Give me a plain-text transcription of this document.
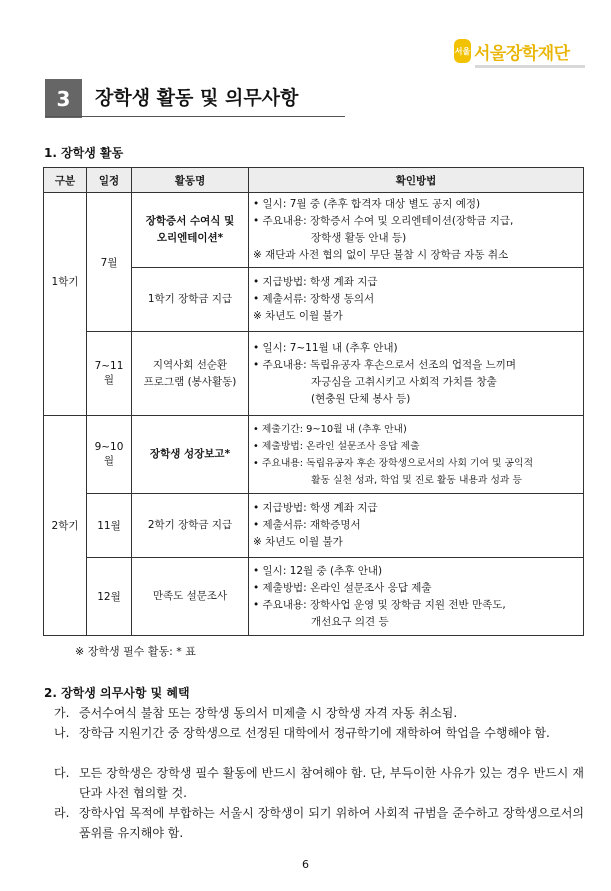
서울 서울장학재단
3	장학생 활동 및 의무사항
1. 장학생 활동
구분	일정	활동명	확인방법
1학기	7월	장학증서 수여식 및
오리엔테이션*	• 일시: 7월 중 (추후 합격자 대상 별도 공지 예정)
• 주요내용: 장학증서 수여 및 오리엔테이션(장학금 지급,
장학생 활동 안내 등)
※ 재단과 사전 협의 없이 무단 불참 시 장학금 자동 취소

		1학기 장학금 지급	• 지급방법: 학생 계좌 지급
• 제출서류: 장학생 동의서
※ 차년도 이월 불가

	7~11월	지역사회 선순환
프로그램 (봉사활동)	• 일시: 7~11월 내 (추후 안내)
• 주요내용: 독립유공자 후손으로서 선조의 업적을 느끼며
자긍심을 고취시키고 사회적 가치를 창출
(현충원 단체 봉사 등)

2학기	9~10월	장학생 성장보고*	• 제출기간: 9~10월 내 (추후 안내)
• 제출방법: 온라인 설문조사 응답 제출
• 주요내용: 독립유공자 후손 장학생으로서의 사회 기여 및 공익적
활동 실천 성과, 학업 및 진로 활동 내용과 성과 등

	11월	2학기 장학금 지급	• 지급방법: 학생 계좌 지급
• 제출서류: 재학증명서
※ 차년도 이월 불가

	12월	만족도 설문조사	• 일시: 12월 중 (추후 안내)
• 제출방법: 온라인 설문조사 응답 제출
• 주요내용: 장학사업 운영 및 장학금 지원 전반 만족도,
개선요구 의견 등
※ 장학생 필수 활동: * 표
2. 장학생 의무사항 및 혜택
가. 증서수여식 불참 또는 장학생 동의서 미제출 시 장학생 자격 자동 취소됨.
나. 장학금 지원기간 중 장학생으로 선정된 대학에서 정규학기에 재학하여 학업을 수행해야 함.
다. 모든 장학생은 장학생 필수 활동에 반드시 참여해야 함. 단, 부득이한 사유가 있는 경우 반드시 재단과 사전 협의할 것.
라. 장학사업 목적에 부합하는 서울시 장학생이 되기 위하여 사회적 규범을 준수하고 장학생으로서의 품위를 유지해야 함.
6
